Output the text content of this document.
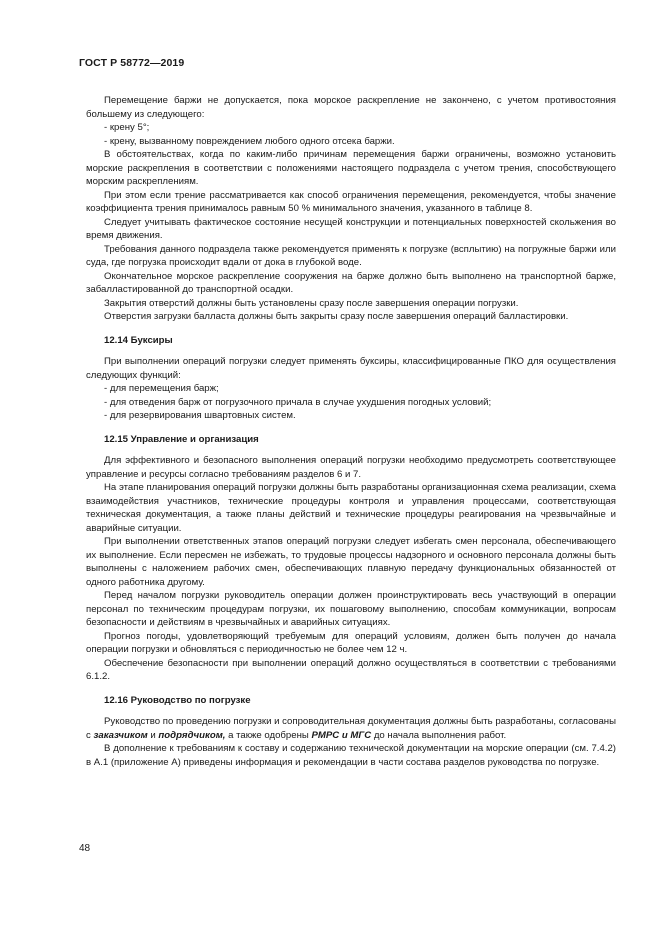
ГОСТ Р 58772—2019

Перемещение баржи не допускается, пока морское раскрепление не закончено, с учетом противостояния большему из следующего:

- крену 5°;

- крену, вызванному повреждением любого одного отсека баржи.

В обстоятельствах, когда по каким-либо причинам перемещения баржи ограничены, возможно установить морские раскрепления в соответствии с положениями настоящего подраздела с учетом трения, способствующего морским раскреплениям.

При этом если трение рассматривается как способ ограничения перемещения, рекомендуется, чтобы значение коэффициента трения принималось равным 50 % минимального значения, указанного в таблице 8.

Следует учитывать фактическое состояние несущей конструкции и потенциальных поверхностей скольжения во время движения.

Требования данного подраздела также рекомендуется применять к погрузке (всплытию) на погружные баржи или суда, где погрузка происходит вдали от дока в глубокой воде.

Окончательное морское раскрепление сооружения на барже должно быть выполнено на транспортной барже, забалластированной до транспортной осадки.

Закрытия отверстий должны быть установлены сразу после завершения операции погрузки.

Отверстия загрузки балласта должны быть закрыты сразу после завершения операций балластировки.

12.14 Буксиры

При выполнении операций погрузки следует применять буксиры, классифицированные ПКО для осуществления следующих функций:

- для перемещения барж;

- для отведения барж от погрузочного причала в случае ухудшения погодных условий;

- для резервирования швартовных систем.

12.15 Управление и организация

Для эффективного и безопасного выполнения операций погрузки необходимо предусмотреть соответствующее управление и ресурсы согласно требованиям разделов 6 и 7.

На этапе планирования операций погрузки должны быть разработаны организационная схема реализации, схема взаимодействия участников, технические процедуры контроля и управления процессами, соответствующая техническая документация, а также планы действий и технические процедуры реагирования на чрезвычайные и аварийные ситуации.

При выполнении ответственных этапов операций погрузки следует избегать смен персонала, обеспечивающего их выполнение. Если пересмен не избежать, то трудовые процессы надзорного и основного персонала должны быть выполнены с наложением рабочих смен, обеспечивающих плавную передачу функциональных обязанностей от одного работника другому.

Перед началом погрузки руководитель операции должен проинструктировать весь участвующий в операции персонал по техническим процедурам погрузки, их пошаговому выполнению, способам коммуникации, вопросам безопасности и действиям в чрезвычайных и аварийных ситуациях.

Прогноз погоды, удовлетворяющий требуемым для операций условиям, должен быть получен до начала операции погрузки и обновляться с периодичностью не более чем 12 ч.

Обеспечение безопасности при выполнении операций должно осуществляться в соответствии с требованиями 6.1.2.

12.16 Руководство по погрузке

Руководство по проведению погрузки и сопроводительная документация должны быть разработаны, согласованы с заказчиком и подрядчиком, а также одобрены РМРС и МГС до начала выполнения работ.

В дополнение к требованиям к составу и содержанию технической документации на морские операции (см. 7.4.2) в А.1 (приложение А) приведены информация и рекомендации в части состава разделов руководства по погрузке.

48
